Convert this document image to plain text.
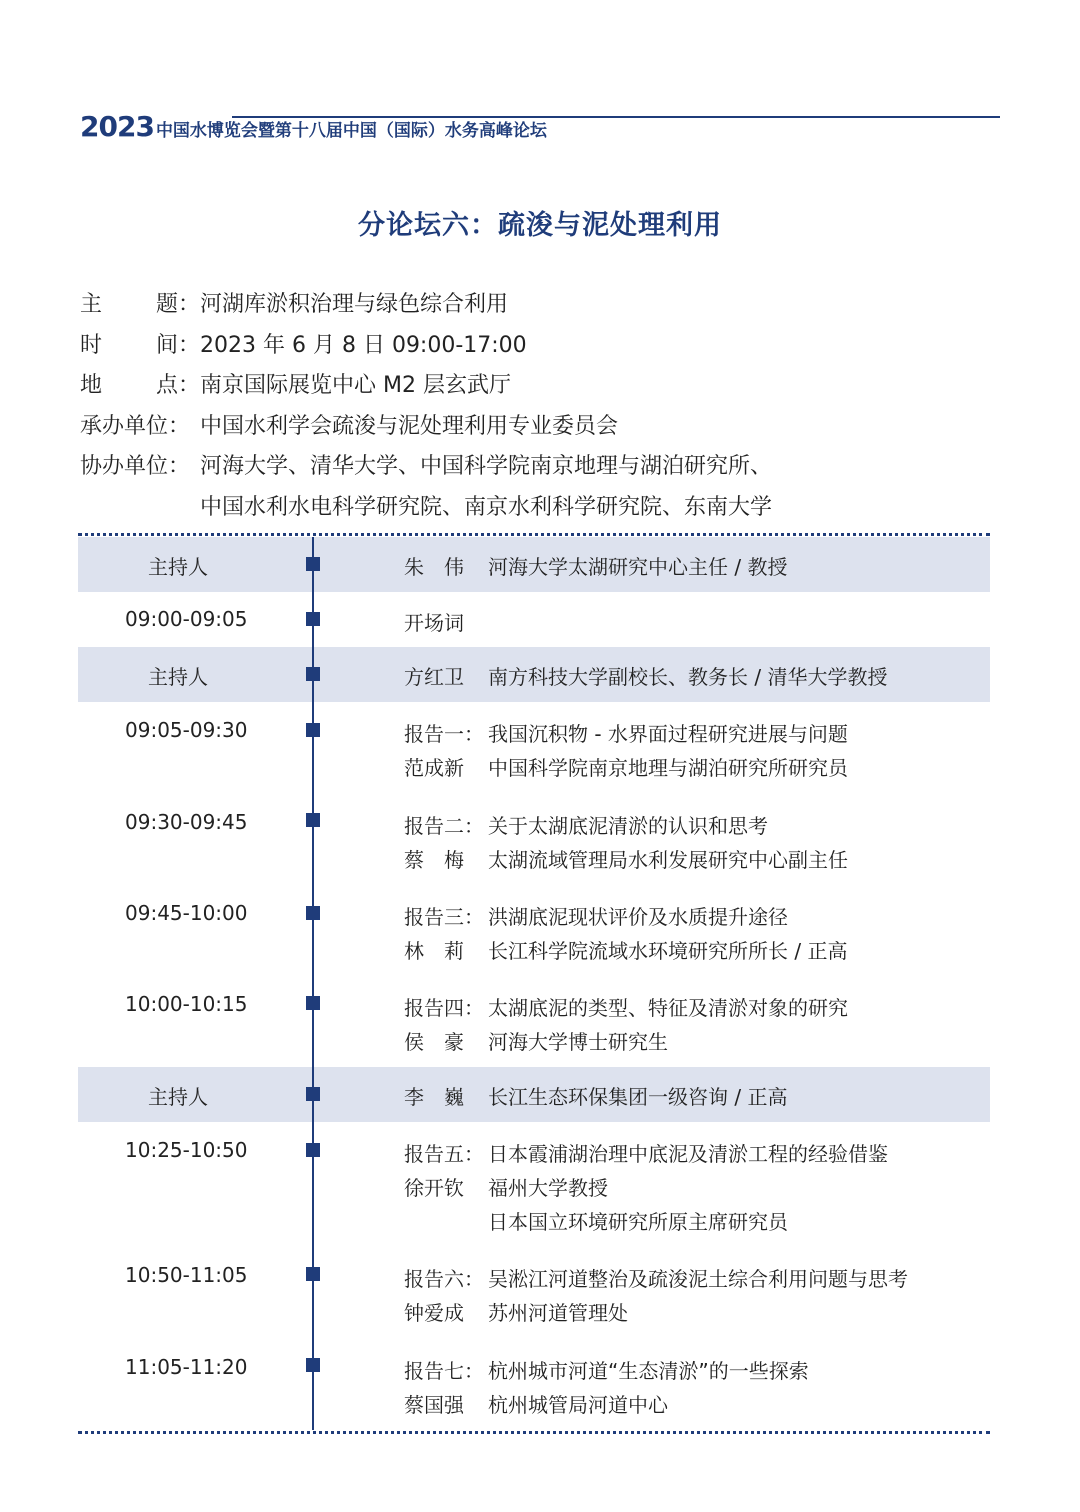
2023 中国水博览会暨第十八届中国（国际）水务高峰论坛
分论坛六：疏浚与泥处理利用
主 题： 河湖库淤积治理与绿色综合利用
时 间： 2023 年 6 月 8 日 09:00-17:00
地 点： 南京国际展览中心 M2 层玄武厅
承办单位： 中国水利学会疏浚与泥处理利用专业委员会
协办单位： 河海大学、清华大学、中国科学院南京地理与湖泊研究所、
中国水利水电科学研究院、南京水利科学研究院、东南大学
主持人	朱　伟 河海大学太湖研究中心主任 / 教授
09:00-09:05	开场词
主持人	方红卫 南方科技大学副校长、教务长 / 清华大学教授
09:05-09:30	报告一： 我国沉积物 - 水界面过程研究进展与问题
范成新 中国科学院南京地理与湖泊研究所研究员
09:30-09:45	报告二： 关于太湖底泥清淤的认识和思考
蔡　梅 太湖流域管理局水利发展研究中心副主任
09:45-10:00	报告三： 洪湖底泥现状评价及水质提升途径
林　莉 长江科学院流域水环境研究所所长 / 正高
10:00-10:15	报告四： 太湖底泥的类型、特征及清淤对象的研究
侯　豪 河海大学博士研究生
主持人	李　巍 长江生态环保集团一级咨询 / 正高
10:25-10:50	报告五： 日本霞浦湖治理中底泥及清淤工程的经验借鉴
徐开钦 福州大学教授
日本国立环境研究所原主席研究员
10:50-11:05	报告六： 吴淞江河道整治及疏浚泥土综合利用问题与思考
钟爱成 苏州河道管理处
11:05-11:20	报告七： 杭州城市河道“生态清淤”的一些探索
蔡国强 杭州城管局河道中心
